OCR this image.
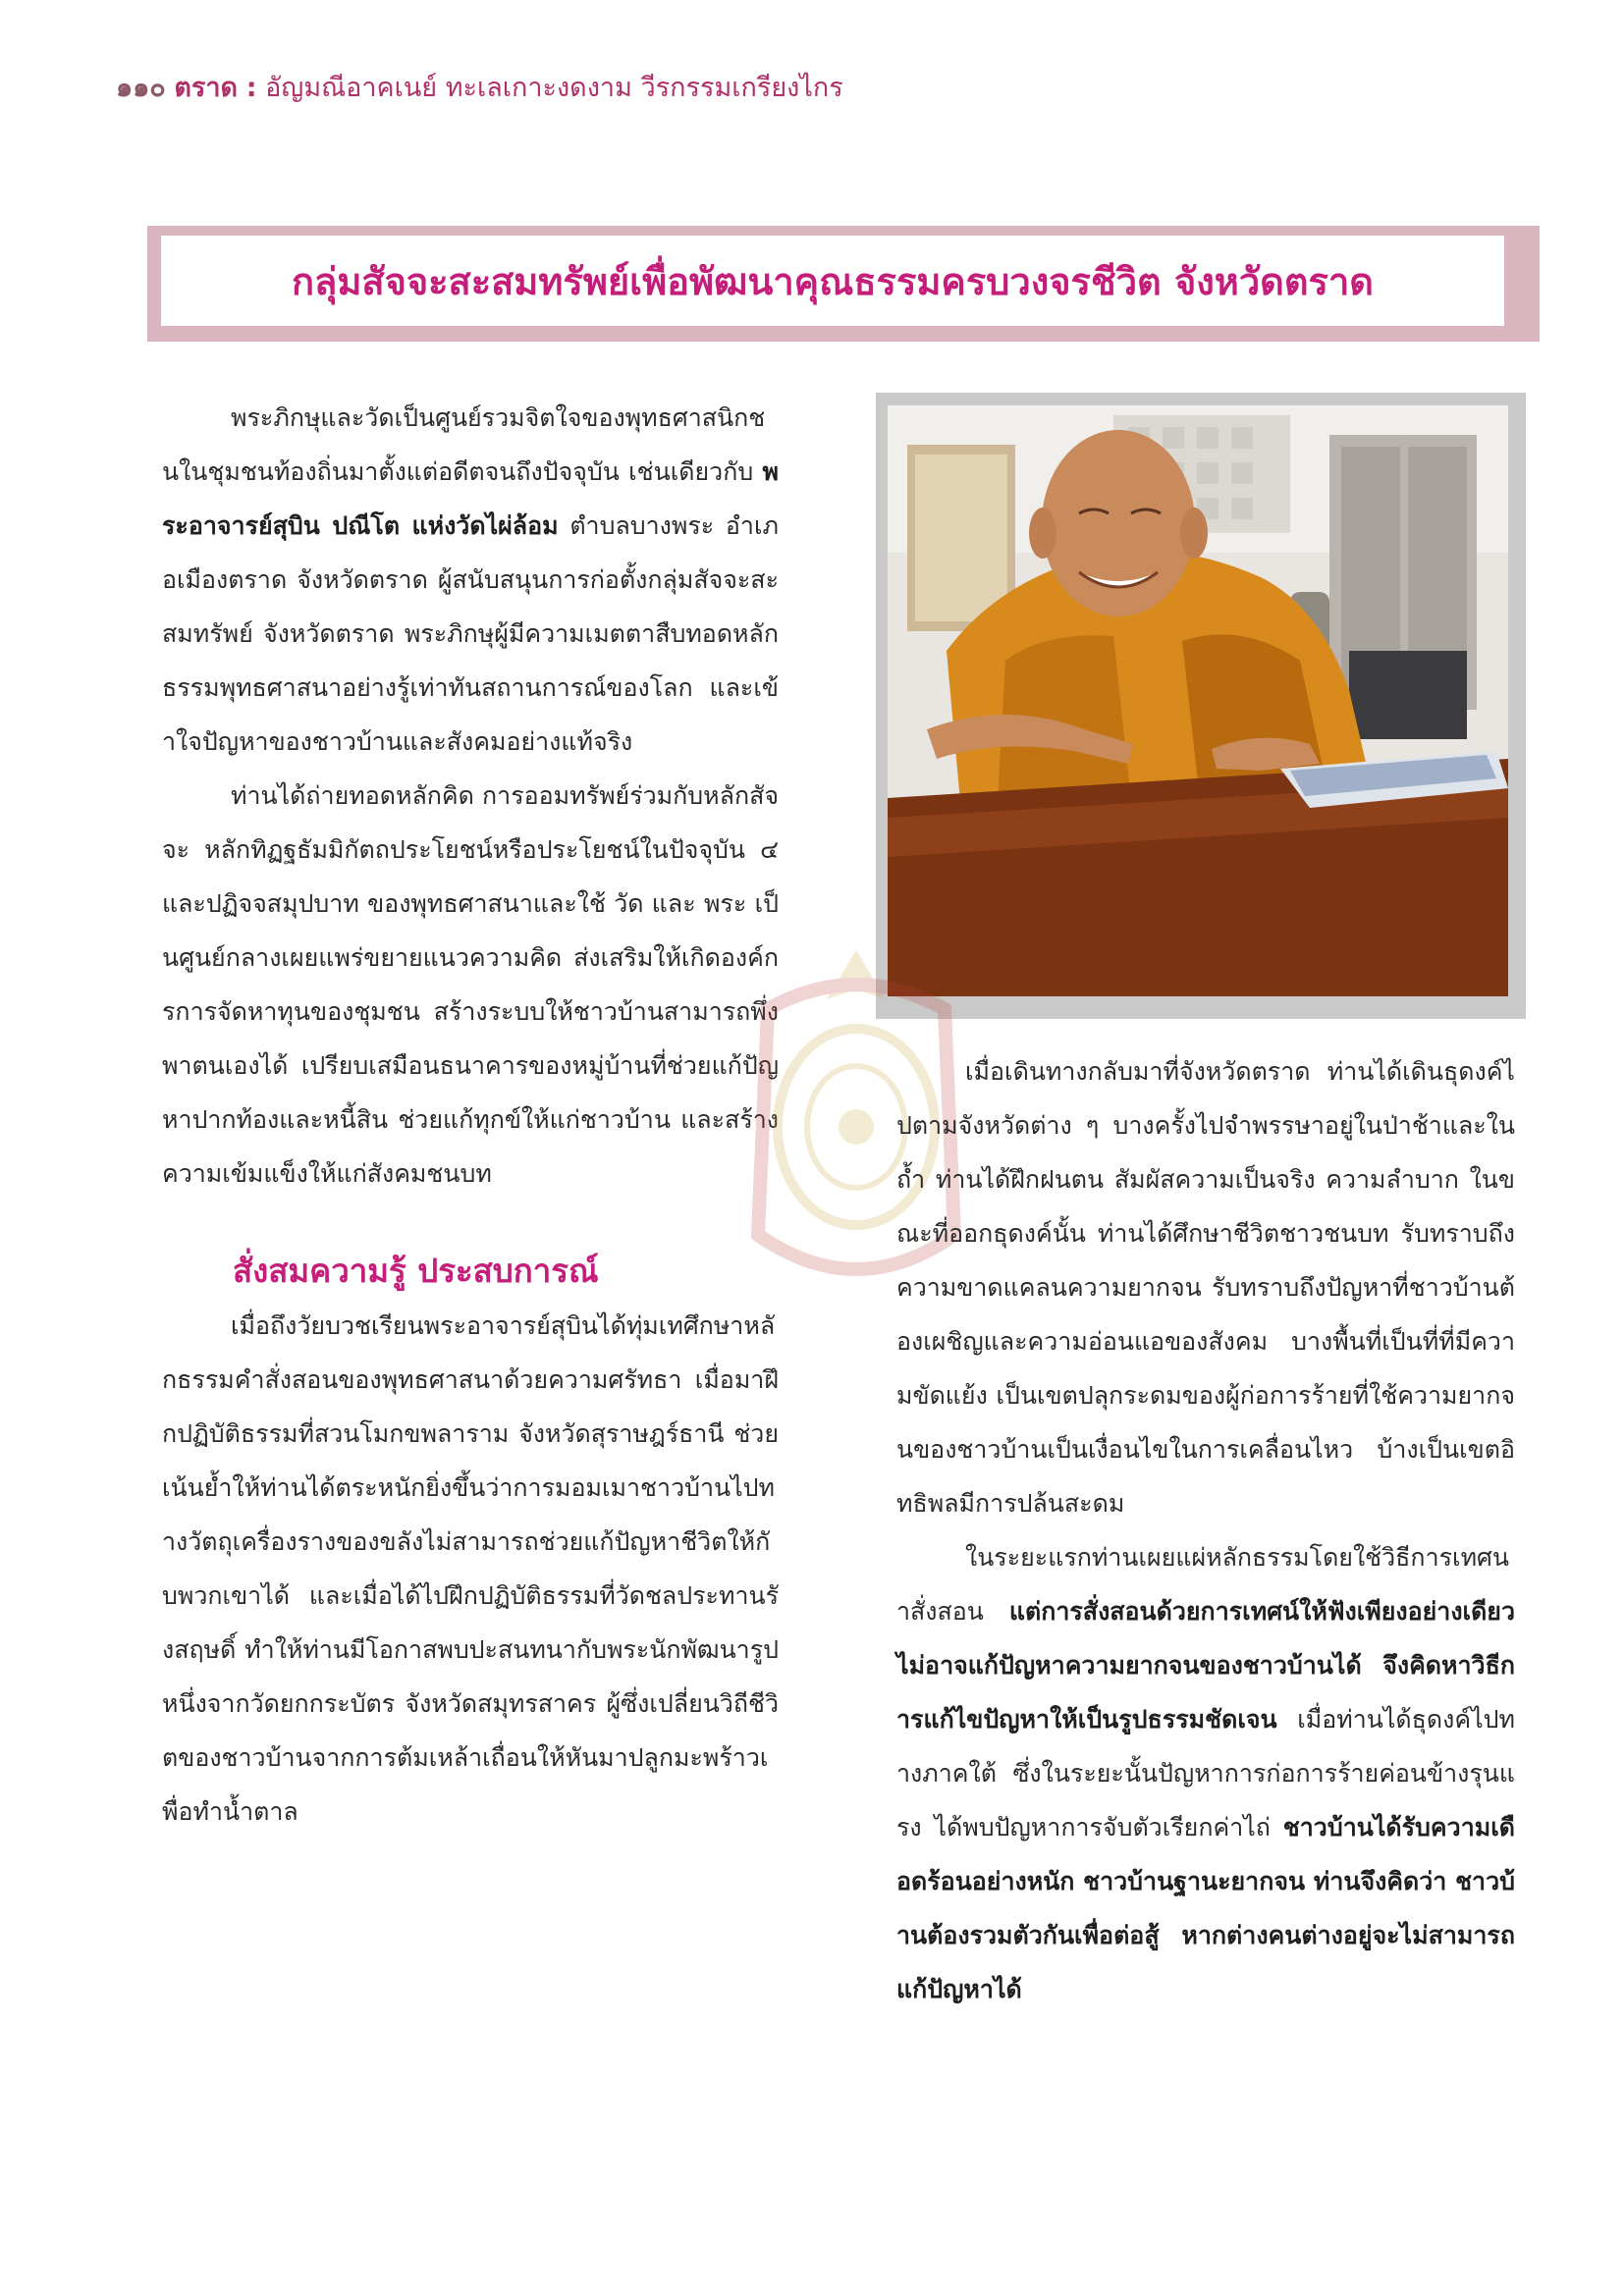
๑๑๐ ตราด : อัญมณีอาคเนย์ ทะเลเกาะงดงาม วีรกรรมเกรียงไกร
กลุ่มสัจจะสะสมทรัพย์เพื่อพัฒนาคุณธรรมครบวงจรชีวิต จังหวัดตราด

พระภิกษุและวัดเป็นศูนย์รวมจิตใจของพุทธศาสนิกชนในชุมชนท้องถิ่นมาตั้งแต่อดีตจนถึงปัจจุบัน เช่นเดียวกับ พระอาจารย์สุบิน ปณีโต แห่งวัดไผ่ล้อม ตำบลบางพระ อำเภอเมืองตราด จังหวัดตราด ผู้สนับสนุนการก่อตั้งกลุ่มสัจจะสะสมทรัพย์ จังหวัดตราด พระภิกษุผู้มีความเมตตาสืบทอดหลักธรรมพุทธศาสนาอย่างรู้เท่าทันสถานการณ์ของโลก และเข้าใจปัญหาของชาวบ้านและสังคมอย่างแท้จริง

ท่านได้ถ่ายทอดหลักคิด การออมทรัพย์ร่วมกับหลักสัจจะ หลักทิฏฐธัมมิกัตถประโยชน์หรือประโยชน์ในปัจจุบัน ๔ และปฏิจจสมุปบาท ของพุทธศาสนาและใช้ วัด และ พระ เป็นศูนย์กลางเผยแพร่ขยายแนวความคิด ส่งเสริมให้เกิดองค์กรการจัดหาทุนของชุมชน สร้างระบบให้ชาวบ้านสามารถพึ่งพาตนเองได้ เปรียบเสมือนธนาคารของหมู่บ้านที่ช่วยแก้ปัญหาปากท้องและหนี้สิน ช่วยแก้ทุกข์ให้แก่ชาวบ้าน และสร้างความเข้มแข็งให้แก่สังคมชนบท

สั่งสมความรู้ ประสบการณ์

เมื่อถึงวัยบวชเรียนพระอาจารย์สุบินได้ทุ่มเทศึกษาหลักธรรมคำสั่งสอนของพุทธศาสนาด้วยความศรัทธา เมื่อมาฝึกปฏิบัติธรรมที่สวนโมกขพลาราม จังหวัดสุราษฎร์ธานี ช่วยเน้นย้ำให้ท่านได้ตระหนักยิ่งขึ้นว่าการมอมเมาชาวบ้านไปทางวัตถุเครื่องรางของขลังไม่สามารถช่วยแก้ปัญหาชีวิตให้กับพวกเขาได้ และเมื่อได้ไปฝึกปฏิบัติธรรมที่วัดชลประทานรังสฤษดิ์ ทำให้ท่านมีโอกาสพบปะสนทนากับพระนักพัฒนารูปหนึ่งจากวัดยกกระบัตร จังหวัดสมุทรสาคร ผู้ซึ่งเปลี่ยนวิถีชีวิตของชาวบ้านจากการต้มเหล้าเถื่อนให้หันมาปลูกมะพร้าวเพื่อทำน้ำตาล

เมื่อเดินทางกลับมาที่จังหวัดตราด ท่านได้เดินธุดงค์ไปตามจังหวัดต่าง ๆ บางครั้งไปจำพรรษาอยู่ในป่าช้าและในถ้ำ ท่านได้ฝึกฝนตน สัมผัสความเป็นจริง ความลำบาก ในขณะที่ออกธุดงค์นั้น ท่านได้ศึกษาชีวิตชาวชนบท รับทราบถึงความขาดแคลนความยากจน รับทราบถึงปัญหาที่ชาวบ้านต้องเผชิญและความอ่อนแอของสังคม บางพื้นที่เป็นที่ที่มีความขัดแย้ง เป็นเขตปลุกระดมของผู้ก่อการร้ายที่ใช้ความยากจนของชาวบ้านเป็นเงื่อนไขในการเคลื่อนไหว บ้างเป็นเขตอิทธิพลมีการปล้นสะดม

ในระยะแรกท่านเผยแผ่หลักธรรมโดยใช้วิธีการเทศนาสั่งสอน แต่การสั่งสอนด้วยการเทศน์ให้ฟังเพียงอย่างเดียว ไม่อาจแก้ปัญหาความยากจนของชาวบ้านได้ จึงคิดหาวิธีการแก้ไขปัญหาให้เป็นรูปธรรมชัดเจน เมื่อท่านได้ธุดงค์ไปทางภาคใต้ ซึ่งในระยะนั้นปัญหาการก่อการร้ายค่อนข้างรุนแรง ได้พบปัญหาการจับตัวเรียกค่าไถ่ ชาวบ้านได้รับความเดือดร้อนอย่างหนัก ชาวบ้านฐานะยากจน ท่านจึงคิดว่า ชาวบ้านต้องรวมตัวกันเพื่อต่อสู้ หากต่างคนต่างอยู่จะไม่สามารถแก้ปัญหาได้
